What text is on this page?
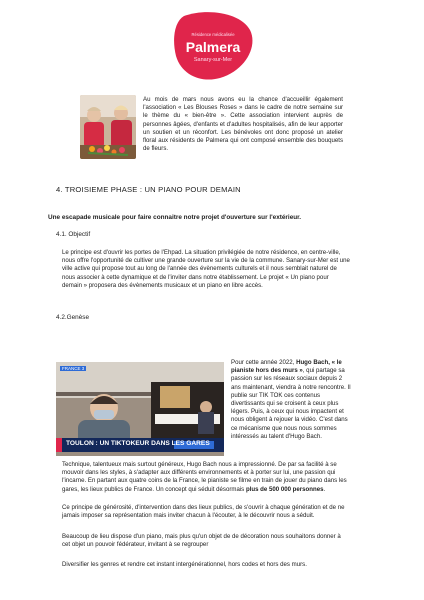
Résidence médicalisée
Palmera
Sanary-sur-Mer
Au mois de mars nous avons eu la chance d'accueillir également l'association « Les Blouses Roses » dans le cadre de notre semaine sur le thème du « bien-être ». Cette association intervient auprès de personnes âgées, d'enfants et d'adultes hospitalisés, afin de leur apporter un soutien et un réconfort. Les bénévoles ont donc proposé un atelier floral aux résidents de Palmera qui ont composé ensemble des bouquets de fleurs.
4. TROISIEME PHASE : UN PIANO POUR DEMAIN
Une escapade musicale pour faire connaitre notre projet d'ouverture sur l'extérieur.
4.1. Objectif
Le principe est d'ouvrir les portes de l'Ehpad. La situation privilégiée de notre résidence, en centre-ville, nous offre l'opportunité de cultiver une grande ouverture sur la vie de la commune. Sanary-sur-Mer est une ville active qui propose tout au long de l'année des évènements culturels et il nous semblait naturel de nous associer à cette dynamique et de l'inviter dans notre établissement. Le projet « Un piano pour demain » proposera des évènements musicaux et un piano en libre accès.
4.2.Genèse
FRANCE 3
TOULON : UN TIKTOKEUR DANS LES GARES
Pour cette année 2022, Hugo Bach, « le pianiste hors des murs », qui partage sa passion sur les réseaux sociaux depuis 2 ans maintenant, viendra à notre rencontre. Il publie sur TIK TOK ces contenus divertissants qui se croisent à ceux plus légers. Puis, à ceux qui nous impactent et nous obligent à rejouer la vidéo. C'est dans ce mécanisme que nous nous sommes intéressés au talent d'Hugo Bach.
Technique, talentueux mais surtout généreux, Hugo Bach nous a impressionné. De par sa facilité à se mouvoir dans les styles, à s'adapter aux différents environnements et à porter sur lui, une passion qui l'incarne. En partant aux quatre coins de la France, le pianiste se filme en train de jouer du piano dans les gares, les lieux publics de France. Un concept qui séduit désormais plus de 500 000 personnes.
Ce principe de générosité, d'intervention dans des lieux publics, de s'ouvrir à chaque génération et de ne jamais imposer sa représentation mais inviter chacun à l'écouter, à le découvrir nous a séduit.
Beaucoup de lieu dispose d'un piano, mais plus qu'un objet de de décoration nous souhaitons donner à cet objet un pouvoir fédérateur, invitant à se regrouper
Diversifier les genres et rendre cet instant intergénérationnel, hors codes et hors des murs.
